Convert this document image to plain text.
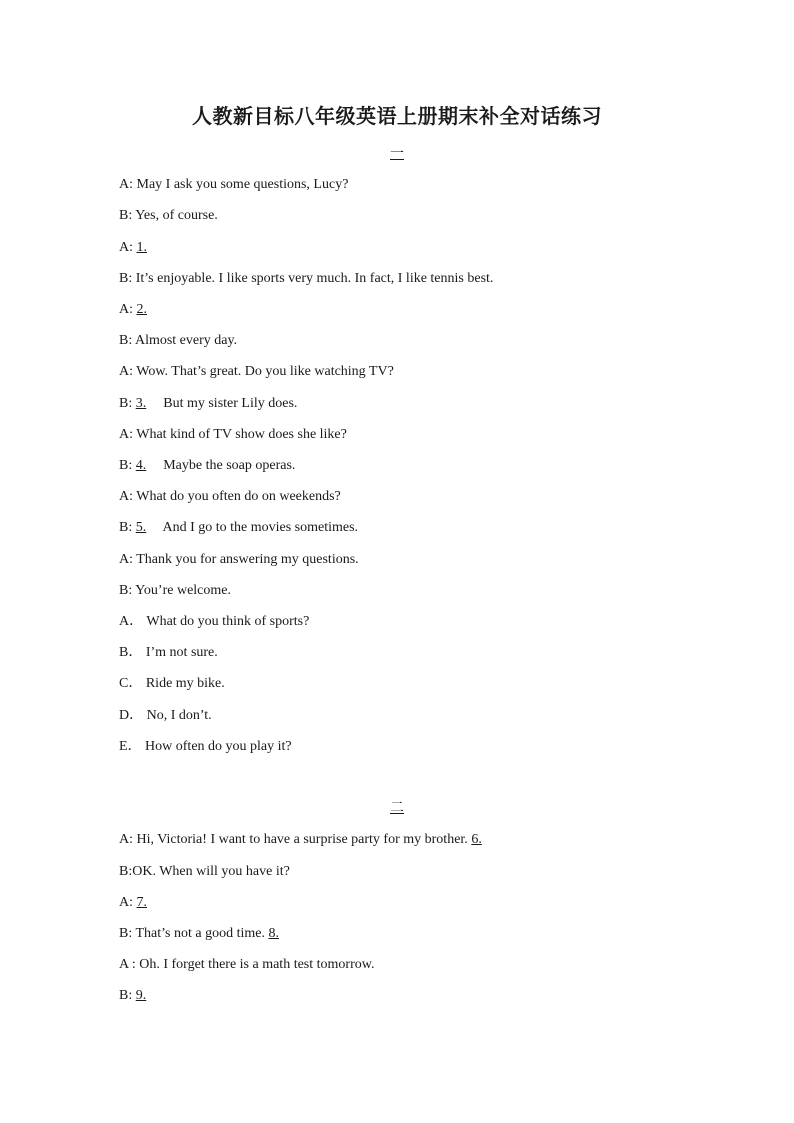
人教新目标八年级英语上册期末补全对话练习
一
A: May I ask you some questions, Lucy?
B: Yes, of course.
A: 1.
B: It’s enjoyable. I like sports very much. In fact, I like tennis best.
A: 2.
B: Almost every day.
A: Wow. That’s great. Do you like watching TV?
B: 3. But my sister Lily does.
A: What kind of TV show does she like?
B: 4. Maybe the soap operas.
A: What do you often do on weekends?
B: 5. And I go to the movies sometimes.
A: Thank you for answering my questions.
B: You’re welcome.
A． What do you think of sports?
B． I’m not sure.
C． Ride my bike.
D． No, I don’t.
E． How often do you play it?
二
A: Hi, Victoria! I want to have a surprise party for my brother. 6.
B:OK. When will you have it?
A: 7.
B: That’s not a good time. 8.
A : Oh. I forget there is a math test tomorrow.
B: 9.
